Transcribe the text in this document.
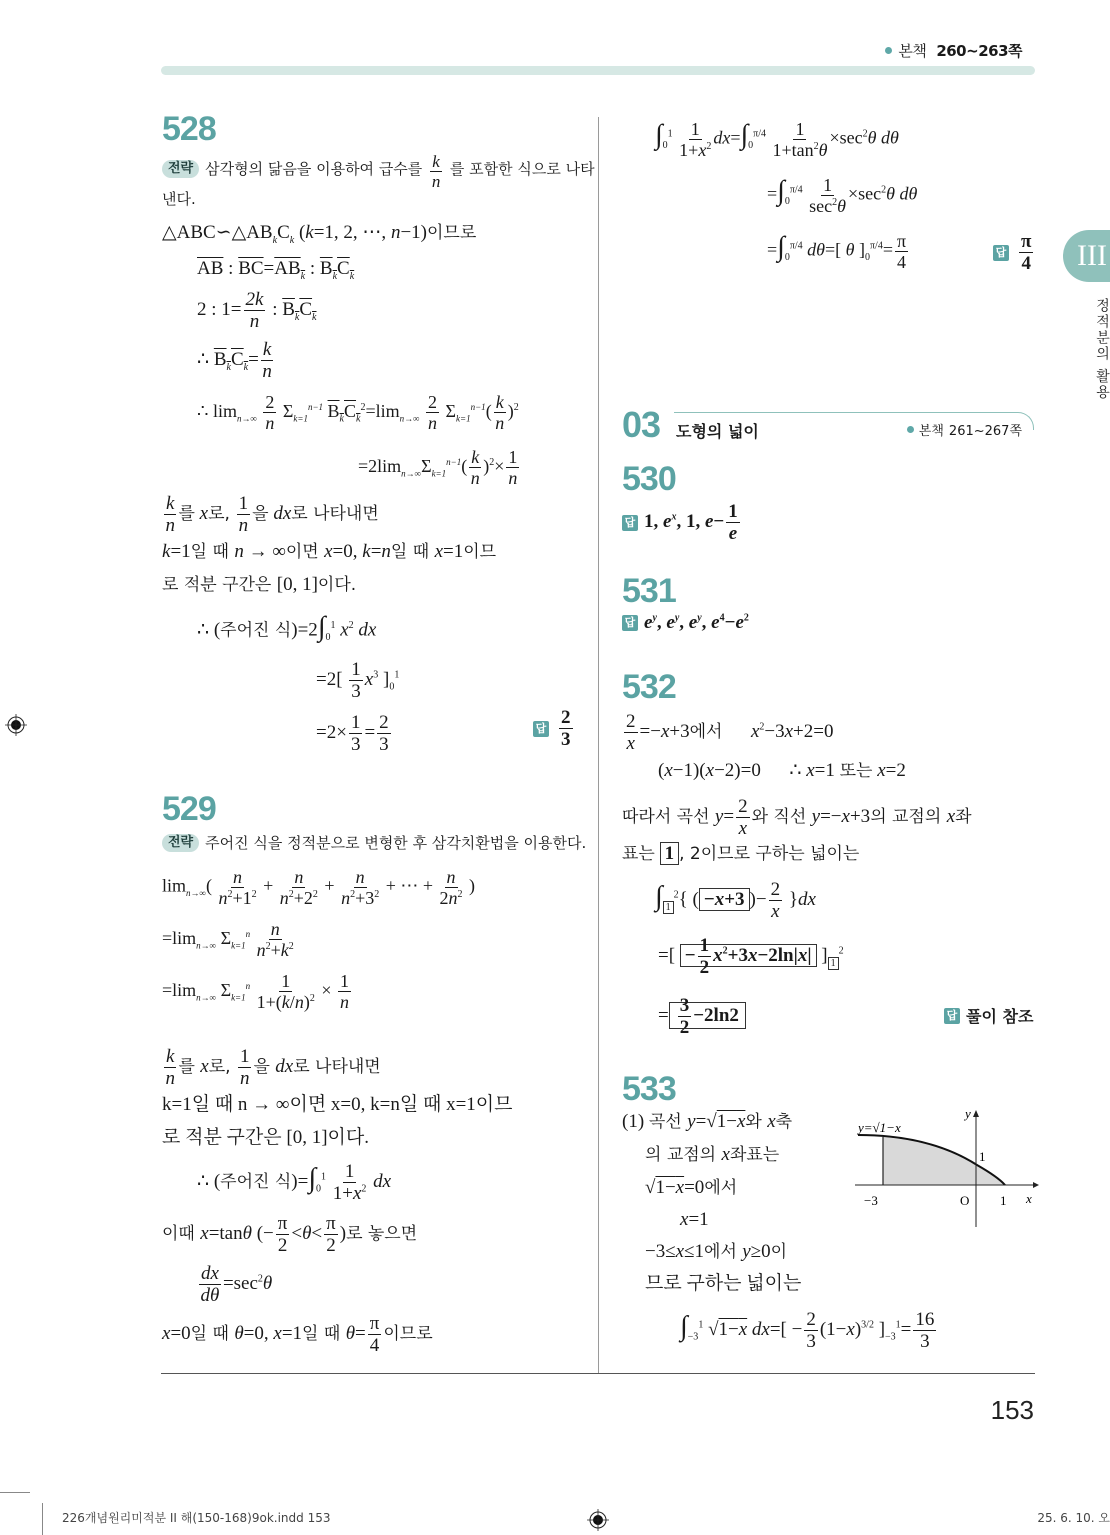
본책 260~263쪽
III
정적분의 활용
528
전략 삼각형의 닮음을 이용하여 급수를 $\frac{k}{n}$ 를 포함한 식으로 나타
낸다.
$\triangle ABC∽\triangle AB_kC_k$ (k=1, 2, ⋯, n−1)이므로
$\overline{AB}$ : $\overline{BC}=AB_k$ : $B_kC_k$
2 : $1= \frac{2k}{n}$ : $B_kC_k$
∴ $B_kC_k= \frac{k}{n}$
∴ $\lim_{n\to\infty} \frac{2}{n} \Sigma_{k=1}^{n-1}$ $B_kC_k^2=\lim_{n\to\infty} \frac{2}{n} \Sigma_{k=1}^{n-1}( \frac{k}{n} )^2$
$=2\lim_{n\to\infty}\Sigma_{k=1}^{n-1}( \frac{k}{n} )^2\times \frac{1}{n}$
$\frac{k}{n}$ 를 x로, $\frac{1}{n}$ 을 dx로 나타내면
k=1일 때 n → ∞이면 x=0, k=n일 때 x=1이므
로 적분 구간은 [0, 1]이다.
∴ (주어진 식)$=2\int_0^1$ $x^2$ dx
$=2[ \frac{1}{3} x^3$ ]$_0^1$
$=2\times \frac{1}{3} = \frac{2}{3}$	답 $\frac{2}{3}$
529
전략 주어진 식을 정적분으로 변형한 후 삼각치환법을 이용한다.
$\lim_{n\to\infty}( \frac{n}{n^2+1^2} + \frac{n}{n^2+2^2} + \frac{n}{n^2+3^2}$ + ⋯ + $\frac{n}{2n^2}$ )
$=\lim_{n\to\infty}$ $\Sigma_{k=1}^n \frac{n}{n^2+k^2}$
$=\lim_{n\to\infty}$ $\Sigma_{k=1}^n \frac{1}{1+(k/n)^2} \times \frac{1}{n}$
$\frac{k}{n}$ 를 x로, $\frac{1}{n}$ 을 dx로 나타내면
k=1일 때 n → ∞이면 x=0, k=n일 때 x=1이므
로 적분 구간은 [0, 1]이다.
∴ (주어진 식)$=\int_0^1 \frac{1}{1+x^2}$ dx
이때 x=tanθ (− $\frac{\pi}{2} <\theta< \frac{\pi}{2}$ )로 놓으면
$\frac{dx}{d\theta} =\sec^2\theta$
x=0일 때 θ=0, x=1일 때 $\theta= \frac{\pi}{4}$ 이므로
$\int_0^1 \frac{1}{1+x^2} dx=\int_0^{\pi/4} \frac{1}{1+\tan^2\theta} \times\sec^2\theta$ dθ
$=\int_0^{\pi/4} \frac{1}{\sec^2\theta} \times\sec^2\theta$ dθ
$=\int_0^{\pi/4}$ dθ=[ θ ]$_0^{\pi/4}= \frac{\pi}{4}$	답 $\frac{\pi}{4}$
03 도형의 넓이	본책 261~267쪽
530
답 1, $e^x$, 1, $e- \frac{1}{e}$
531
답 $e^y$, $e^y$, $e^y$, $e^4-e^2$
532
$\frac{2}{x} =-x+3$에서 $x^2-3x+2=0$
(x−1)(x−2)=0      ∴ x=1 또는 x=2
따라서 곡선 $y= \frac{2}{x}$ 와 직선 y=−x+3의 교점의 x좌
표는 1 , 2이므로 구하는 넓이는
∫ $_1^2${ ( −x+3 )− $\frac{2}{x} \}dx$
=[ − $\frac{1}{2} x^2+3x-2\ln|x|$ ] $_1^2$
= $\frac{3}{2} -2\ln 2$	답 풀이 참조
533
(1) 곡선 y=√1−x와 x축
의 교점의 x좌표는
√1−x=0에서
x=1
−3≤x≤1에서 y≥0이
므로 구하는 넓이는
$\int_{-3}^1$ √1−x $dx=[ - \frac{2}{3} (1-x)^{3/2}$ ]$_{-3}^1= \frac{16}{3}$
y
x
O 1
−3
1
y=√1−x
153
226개념원리미적분 II 해(150-168)9ok.indd 153	25. 6. 10. 오
